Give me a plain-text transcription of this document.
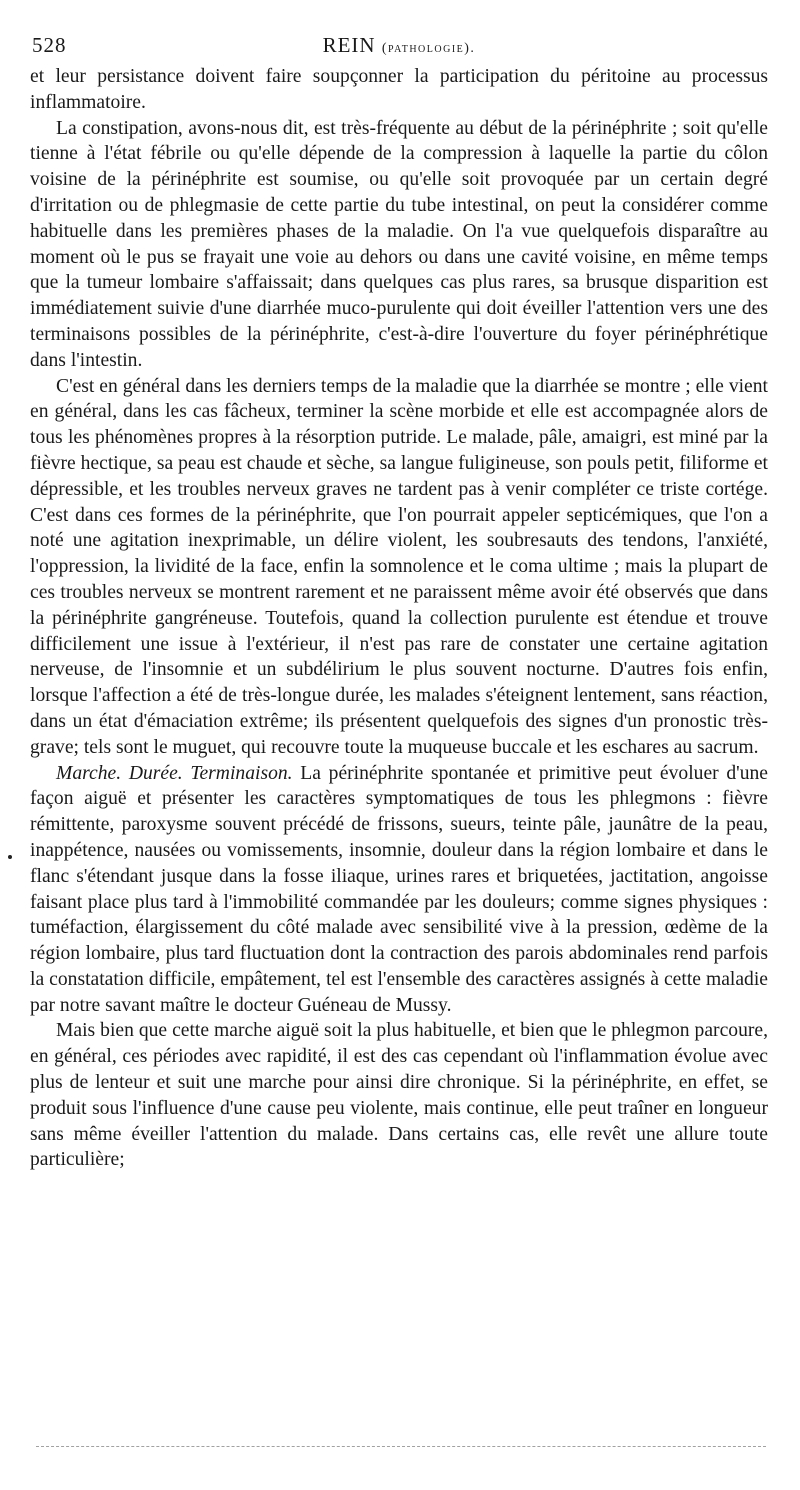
528	REIN (pathologie).

et leur persistance doivent faire soupçonner la participation du péritoine au processus inflammatoire.

La constipation, avons-nous dit, est très-fréquente au début de la périnéphrite ; soit qu'elle tienne à l'état fébrile ou qu'elle dépende de la compression à laquelle la partie du côlon voisine de la périnéphrite est soumise, ou qu'elle soit provoquée par un certain degré d'irritation ou de phlegmasie de cette partie du tube intestinal, on peut la considérer comme habituelle dans les premières phases de la maladie. On l'a vue quelquefois disparaître au moment où le pus se frayait une voie au dehors ou dans une cavité voisine, en même temps que la tumeur lombaire s'affaissait; dans quelques cas plus rares, sa brusque disparition est immédiatement suivie d'une diarrhée muco-purulente qui doit éveiller l'attention vers une des terminaisons possibles de la périnéphrite, c'est-à-dire l'ouverture du foyer périnéphrétique dans l'intestin.

C'est en général dans les derniers temps de la maladie que la diarrhée se montre ; elle vient en général, dans les cas fâcheux, terminer la scène morbide et elle est accompagnée alors de tous les phénomènes propres à la résorption putride. Le malade, pâle, amaigri, est miné par la fièvre hectique, sa peau est chaude et sèche, sa langue fuligineuse, son pouls petit, filiforme et dépressible, et les troubles nerveux graves ne tardent pas à venir compléter ce triste cortége. C'est dans ces formes de la périnéphrite, que l'on pourrait appeler septicémiques, que l'on a noté une agitation inexprimable, un délire violent, les soubresauts des tendons, l'anxiété, l'oppression, la lividité de la face, enfin la somnolence et le coma ultime ; mais la plupart de ces troubles nerveux se montrent rarement et ne paraissent même avoir été observés que dans la périnéphrite gangréneuse. Toutefois, quand la collection purulente est étendue et trouve difficilement une issue à l'extérieur, il n'est pas rare de constater une certaine agitation nerveuse, de l'insomnie et un subdélirium le plus souvent nocturne. D'autres fois enfin, lorsque l'affection a été de très-longue durée, les malades s'éteignent lentement, sans réaction, dans un état d'émaciation extrême; ils présentent quelquefois des signes d'un pronostic très-grave; tels sont le muguet, qui recouvre toute la muqueuse buccale et les eschares au sacrum.

Marche. Durée. Terminaison. La périnéphrite spontanée et primitive peut évoluer d'une façon aiguë et présenter les caractères symptomatiques de tous les phlegmons : fièvre rémittente, paroxysme souvent précédé de frissons, sueurs, teinte pâle, jaunâtre de la peau, inappétence, nausées ou vomissements, insomnie, douleur dans la région lombaire et dans le flanc s'étendant jusque dans la fosse iliaque, urines rares et briquetées, jactitation, angoisse faisant place plus tard à l'immobilité commandée par les douleurs; comme signes physiques : tuméfaction, élargissement du côté malade avec sensibilité vive à la pression, œdème de la région lombaire, plus tard fluctuation dont la contraction des parois abdominales rend parfois la constatation difficile, empâtement, tel est l'ensemble des caractères assignés à cette maladie par notre savant maître le docteur Guéneau de Mussy.

Mais bien que cette marche aiguë soit la plus habituelle, et bien que le phlegmon parcoure, en général, ces périodes avec rapidité, il est des cas cependant où l'inflammation évolue avec plus de lenteur et suit une marche pour ainsi dire chronique. Si la périnéphrite, en effet, se produit sous l'influence d'une cause peu violente, mais continue, elle peut traîner en longueur sans même éveiller l'attention du malade. Dans certains cas, elle revêt une allure toute particulière;
